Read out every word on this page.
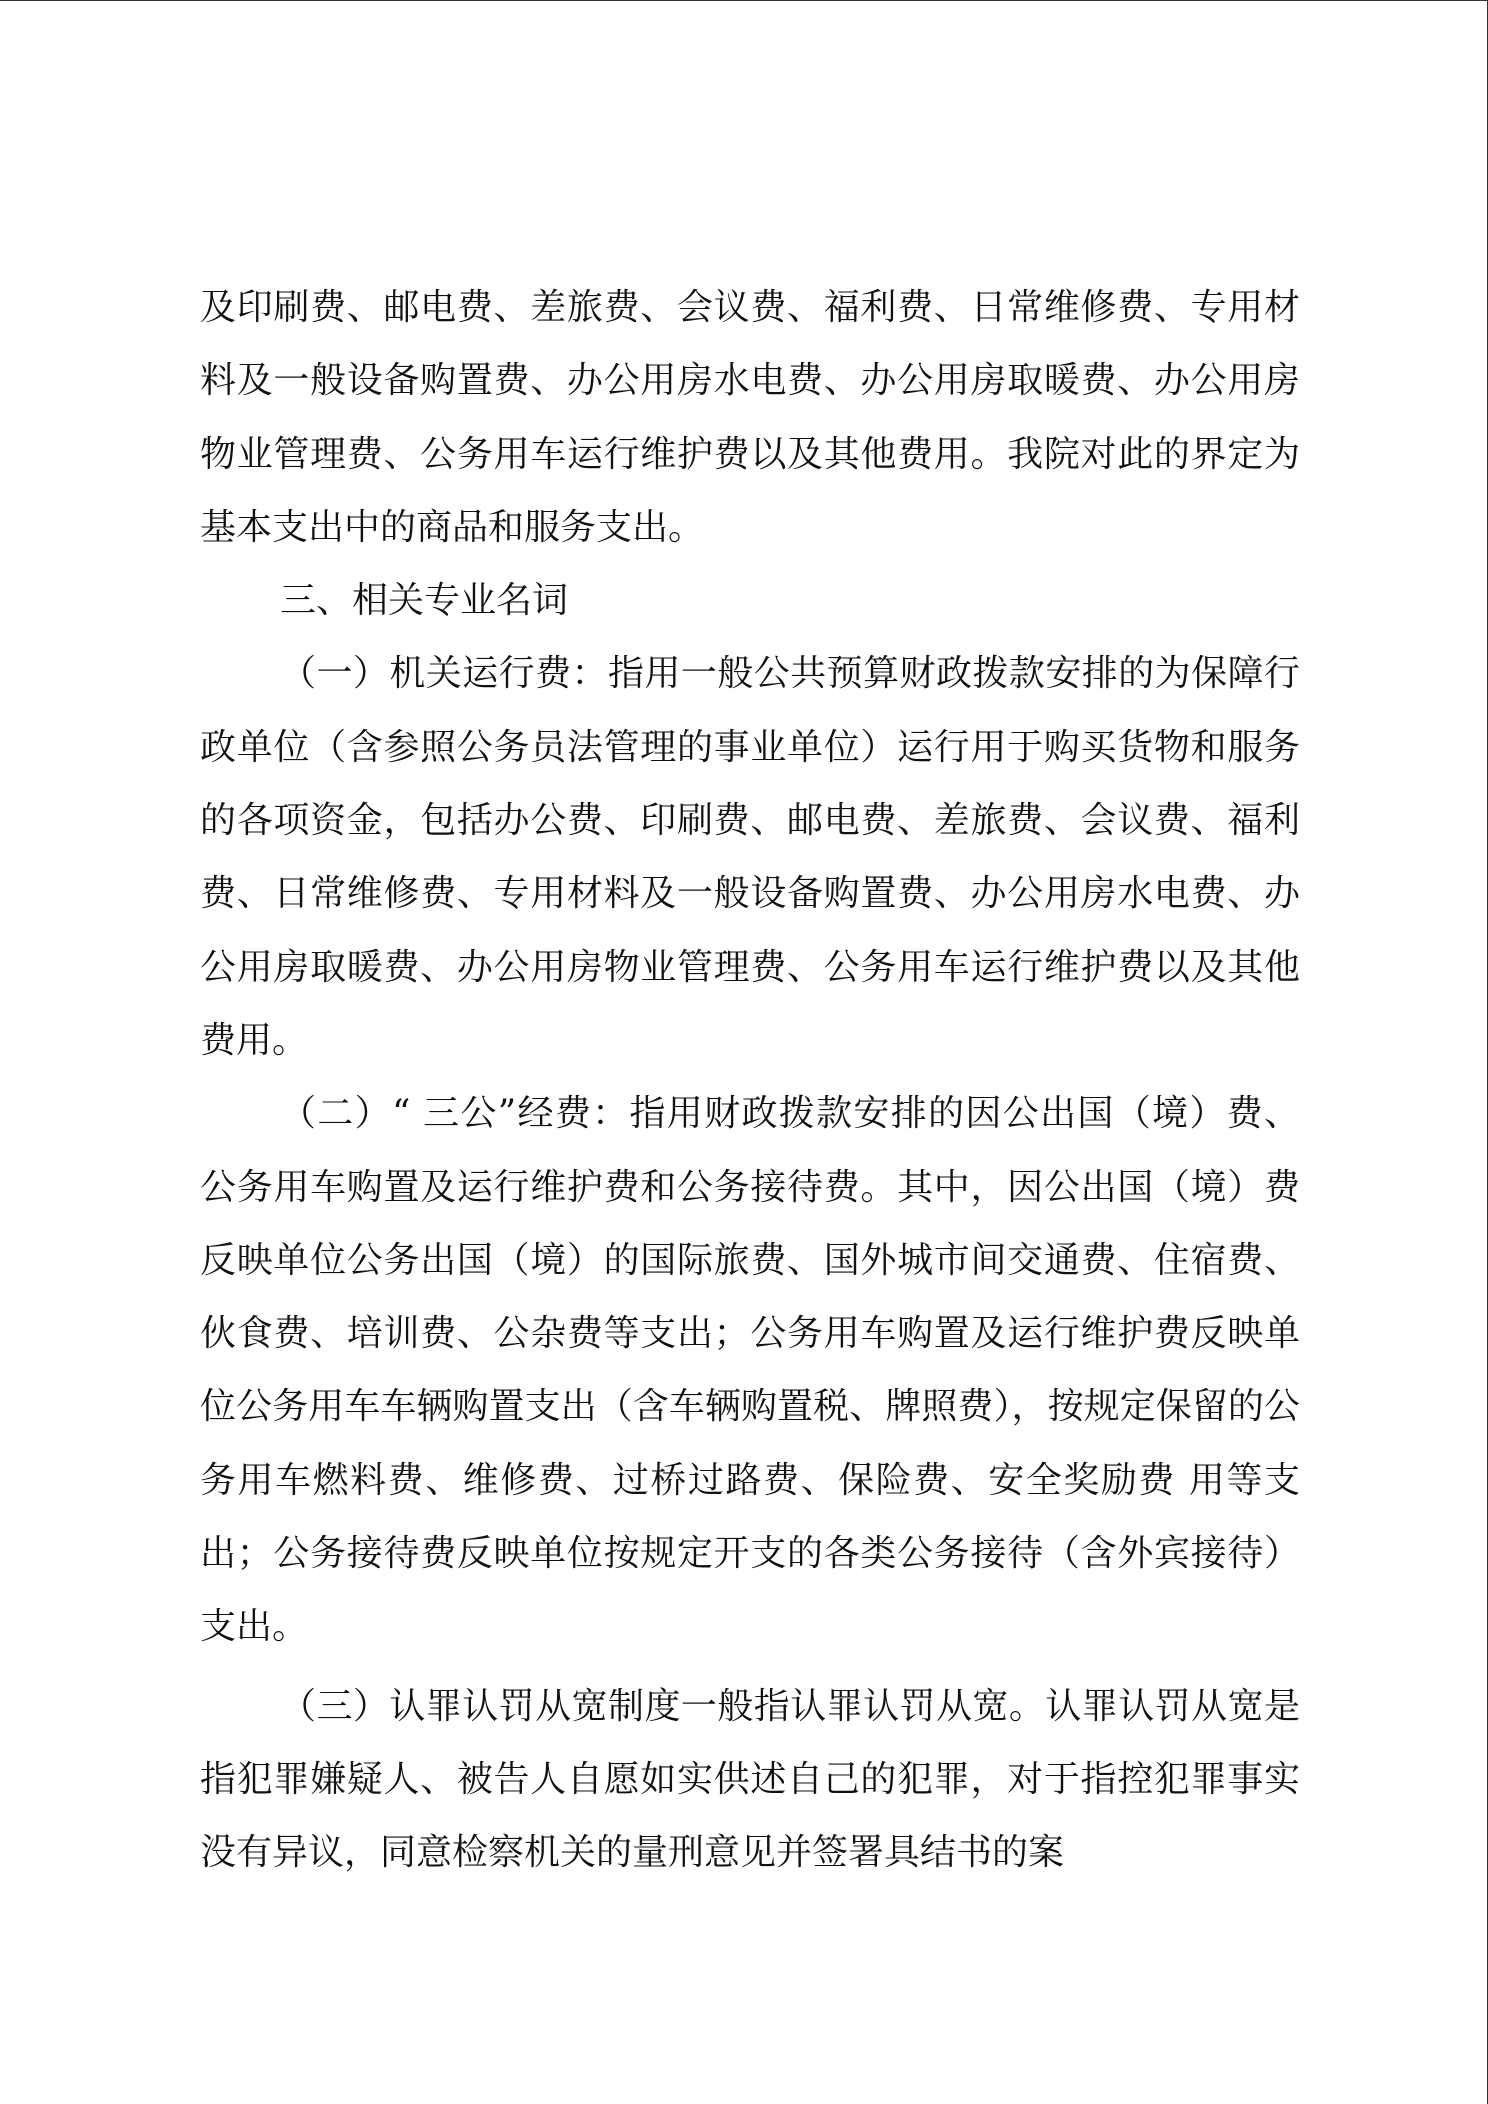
及印刷费、邮电费、差旅费、会议费、福利费、日常维修费、专用材料及一般设备购置费、办公用房水电费、办公用房取暖费、办公用房物业管理费、公务用车运行维护费以及其他费用。我院对此的界定为基本支出中的商品和服务支出。

三、相关专业名词

（一）机关运行费：指用一般公共预算财政拨款安排的为保障行政单位（含参照公务员法管理的事业单位）运行用于购买货物和服务的各项资金，包括办公费、印刷费、邮电费、差旅费、会议费、福利费、日常维修费、专用材料及一般设备购置费、办公用房水电费、办公用房取暖费、办公用房物业管理费、公务用车运行维护费以及其他费用。

（二）“ 三公”经费：指用财政拨款安排的因公出国（境）费、公务用车购置及运行维护费和公务接待费。其中，因公出国（境）费反映单位公务出国（境）的国际旅费、国外城市间交通费、住宿费、伙食费、培训费、公杂费等支出；公务用车购置及运行维护费反映单位公务用车车辆购置支出（含车辆购置税、牌照费），按规定保留的公务用车燃料费、维修费、过桥过路费、保险费、安全奖励费 用等支出；公务接待费反映单位按规定开支的各类公务接待（含外宾接待）支出。

（三）认罪认罚从宽制度一般指认罪认罚从宽。认罪认罚从宽是指犯罪嫌疑人、被告人自愿如实供述自己的犯罪，对于指控犯罪事实没有异议，同意检察机关的量刑意见并签署具结书的案
